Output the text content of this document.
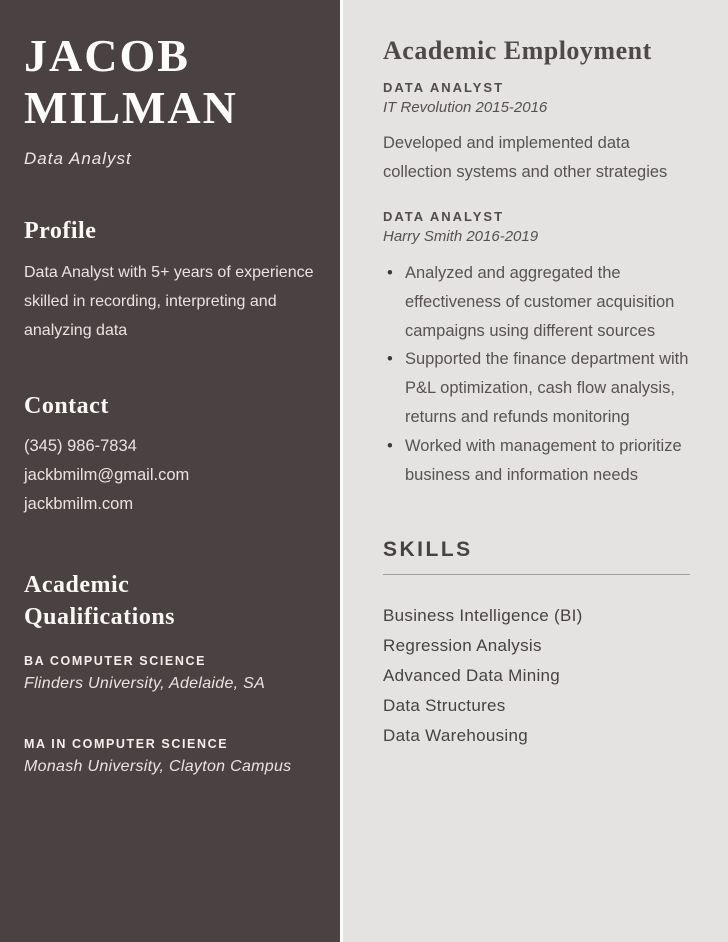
JACOB
MILMAN
Data Analyst
Profile
Data Analyst with 5+ years of experience skilled in recording, interpreting and analyzing data
Contact
(345) 986-7834
jackbmilm@gmail.com
jackbmilm.com
Academic
Qualifications
BA COMPUTER SCIENCE
Flinders University, Adelaide, SA
MA IN COMPUTER SCIENCE
Monash University, Clayton Campus
Academic Employment
DATA ANALYST
IT Revolution 2015-2016
Developed and implemented data collection systems and other strategies
DATA ANALYST
Harry Smith 2016-2019
• Analyzed and aggregated the effectiveness of customer acquisition campaigns using different sources
• Supported the finance department with P&L optimization, cash flow analysis, returns and refunds monitoring
• Worked with management to prioritize business and information needs
SKILLS
Business Intelligence (BI)
Regression Analysis
Advanced Data Mining
Data Structures
Data Warehousing
